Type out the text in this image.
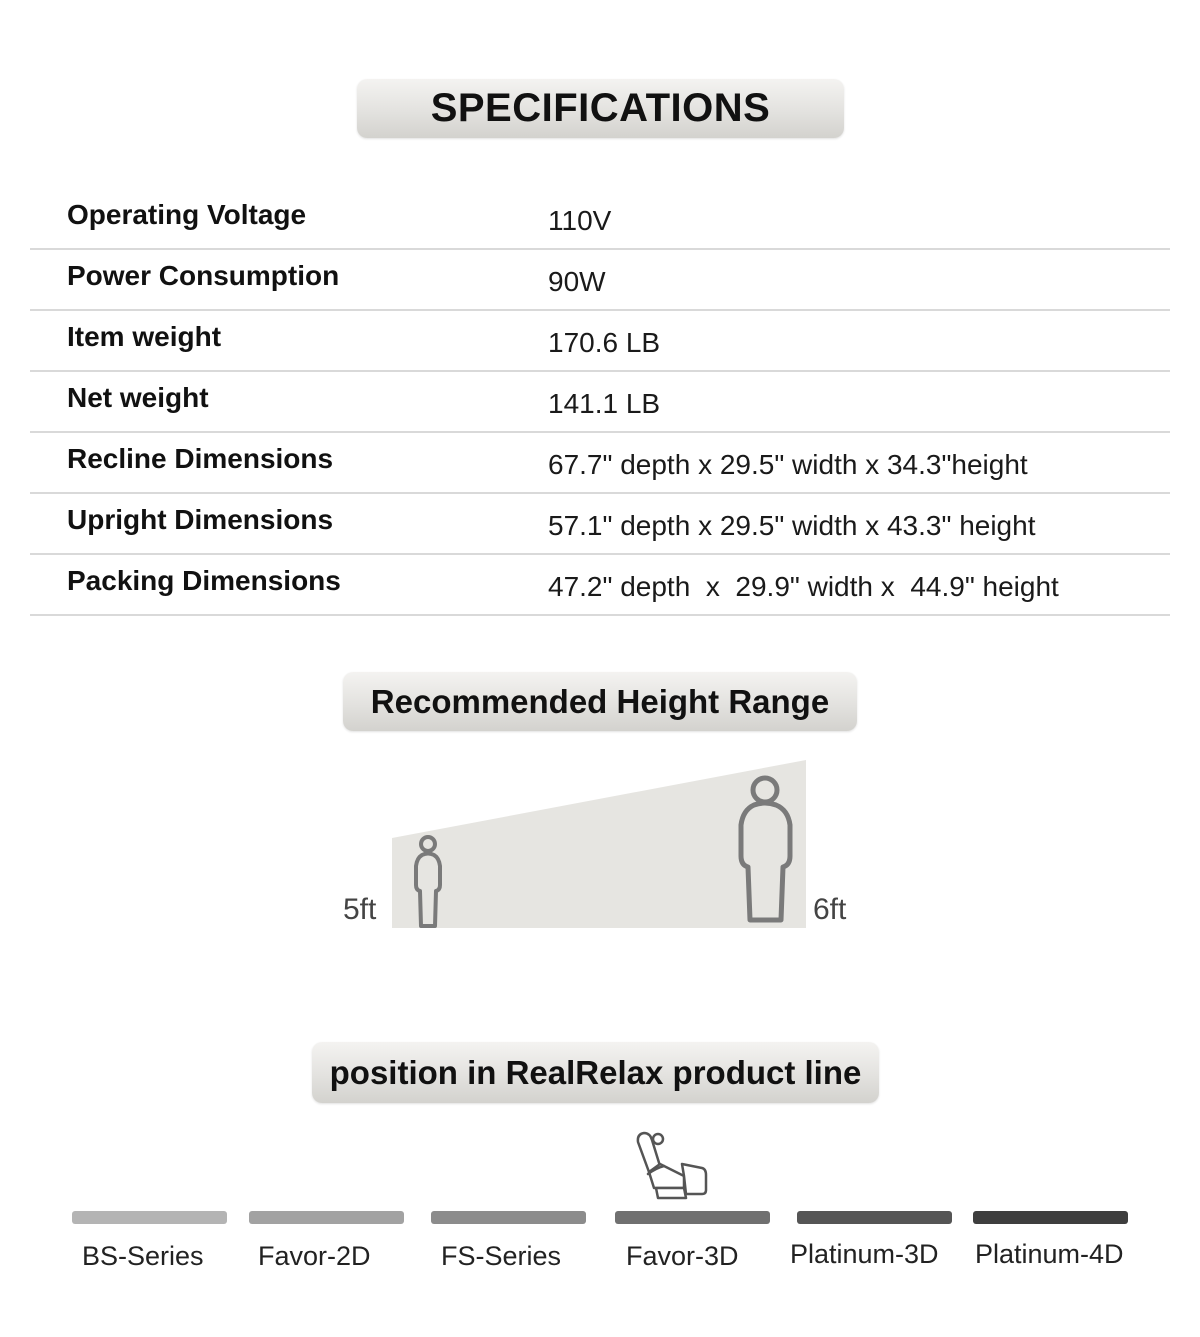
SPECIFICATIONS
Operating Voltage	110V
Power Consumption	90W
Item weight	170.6 LB
Net weight	141.1 LB
Recline Dimensions	67.7" depth x 29.5" width x 34.3"height
Upright Dimensions	57.1" depth x 29.5" width x 43.3" height
Packing Dimensions	47.2" depth  x  29.9" width x  44.9" height
Recommended Height Range
5ft	6ft
position in RealRelax product line
BS-Series Favor-2D	FS-Series Favor-3D Platinum-3D Platinum-4D
